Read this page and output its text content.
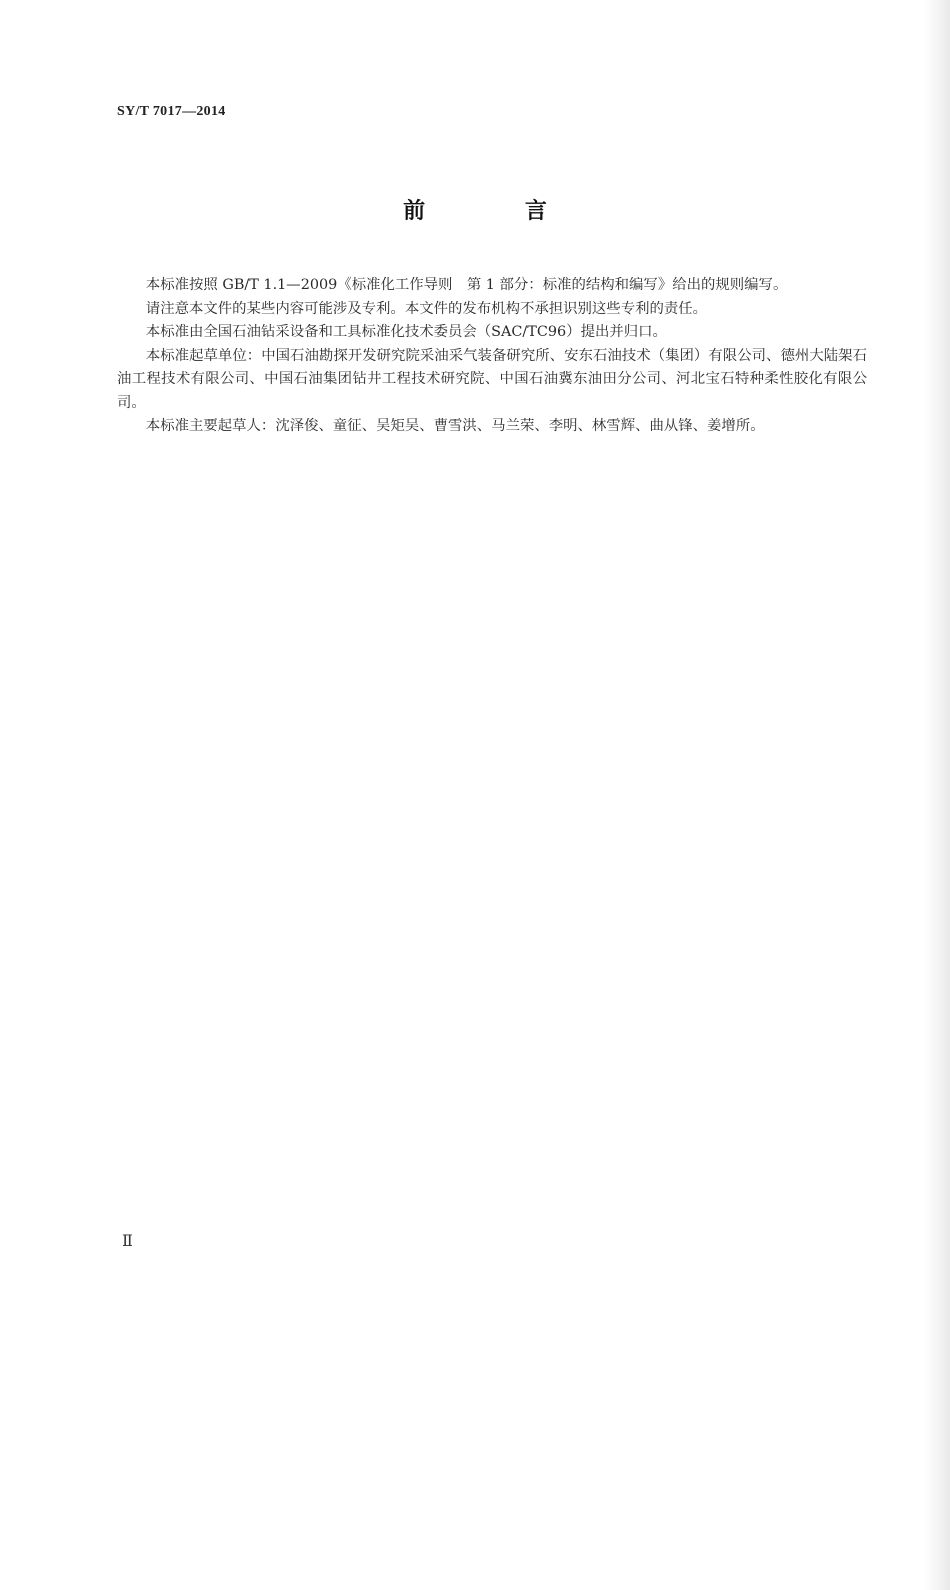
SY/T 7017—2014
前 言

本标准按照 GB/T 1.1—2009《标准化工作导则　第 1 部分：标准的结构和编写》给出的规则编写。

请注意本文件的某些内容可能涉及专利。本文件的发布机构不承担识别这些专利的责任。

本标准由全国石油钻采设备和工具标准化技术委员会（SAC/TC96）提出并归口。

本标准起草单位：中国石油勘探开发研究院采油采气装备研究所、安东石油技术（集团）有限公司、德州大陆架石油工程技术有限公司、中国石油集团钻井工程技术研究院、中国石油冀东油田分公司、河北宝石特种柔性胶化有限公司。

本标准主要起草人：沈泽俊、童征、吴矩吴、曹雪洪、马兰荣、李明、林雪辉、曲从锋、姜增所。

Ⅱ
